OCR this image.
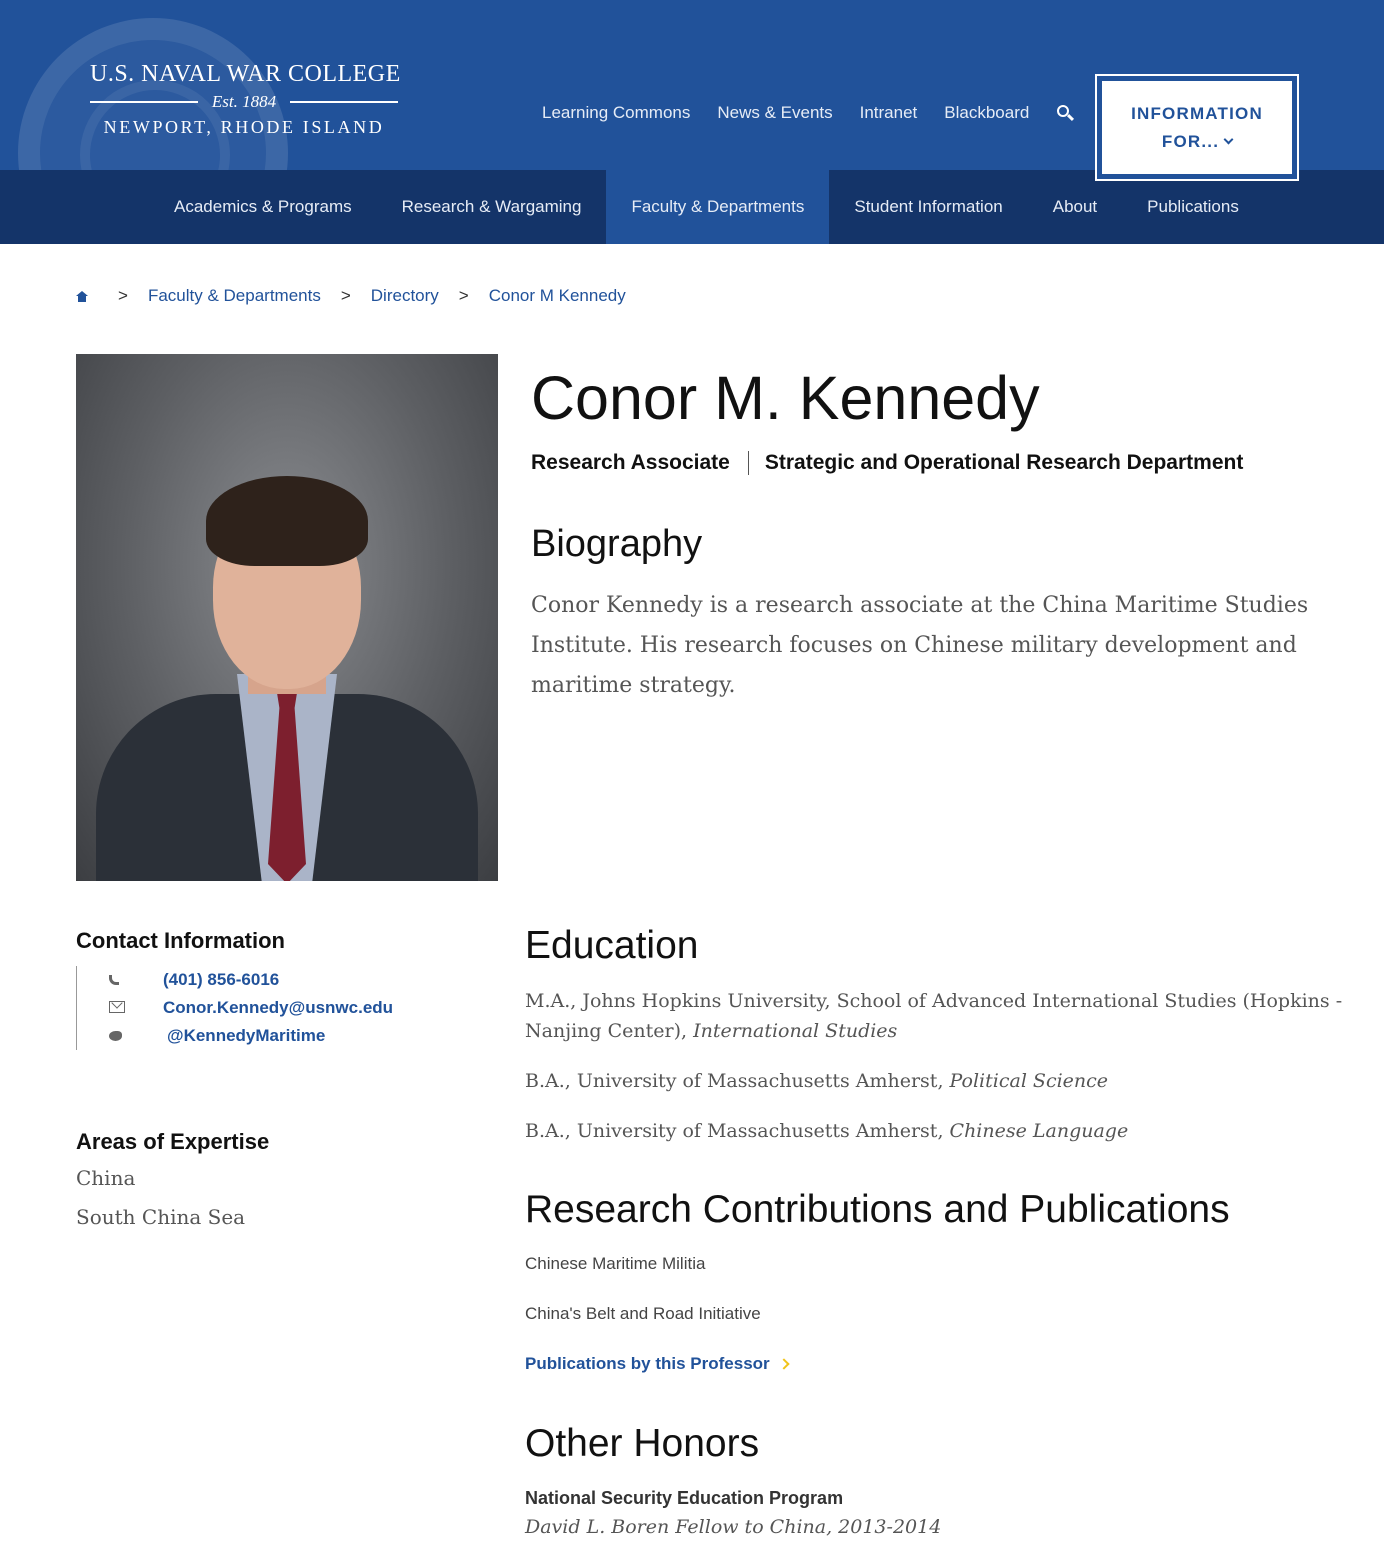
U.S. NAVAL WAR COLLEGE
Est. 1884
NEWPORT, RHODE ISLAND
Learning Commons News & Events Intranet Blackboard	INFORMATION
FOR...
Academics & Programs	Research & Wargaming	Faculty & Departments	Student Information	About	Publications
> Faculty & Departments > Directory > Conor M Kennedy
Conor M. Kennedy
Research Associate Strategic and Operational Research Department
Biography

Conor Kennedy is a research associate at the China Maritime Studies Institute. His research focuses on Chinese military development and maritime strategy.

Contact Information
(401) 856-6016
Conor.Kennedy@usnwc.edu
@KennedyMaritime
Areas of Expertise
China
South China Sea
Education

M.A., Johns Hopkins University, School of Advanced International Studies (Hopkins - Nanjing Center), International Studies

B.A., University of Massachusetts Amherst, Political Science

B.A., University of Massachusetts Amherst, Chinese Language

Research Contributions and Publications
Chinese Maritime Militia
China's Belt and Road Initiative
Publications by this Professor
Other Honors
National Security Education Program
David L. Boren Fellow to China, 2013-2014
